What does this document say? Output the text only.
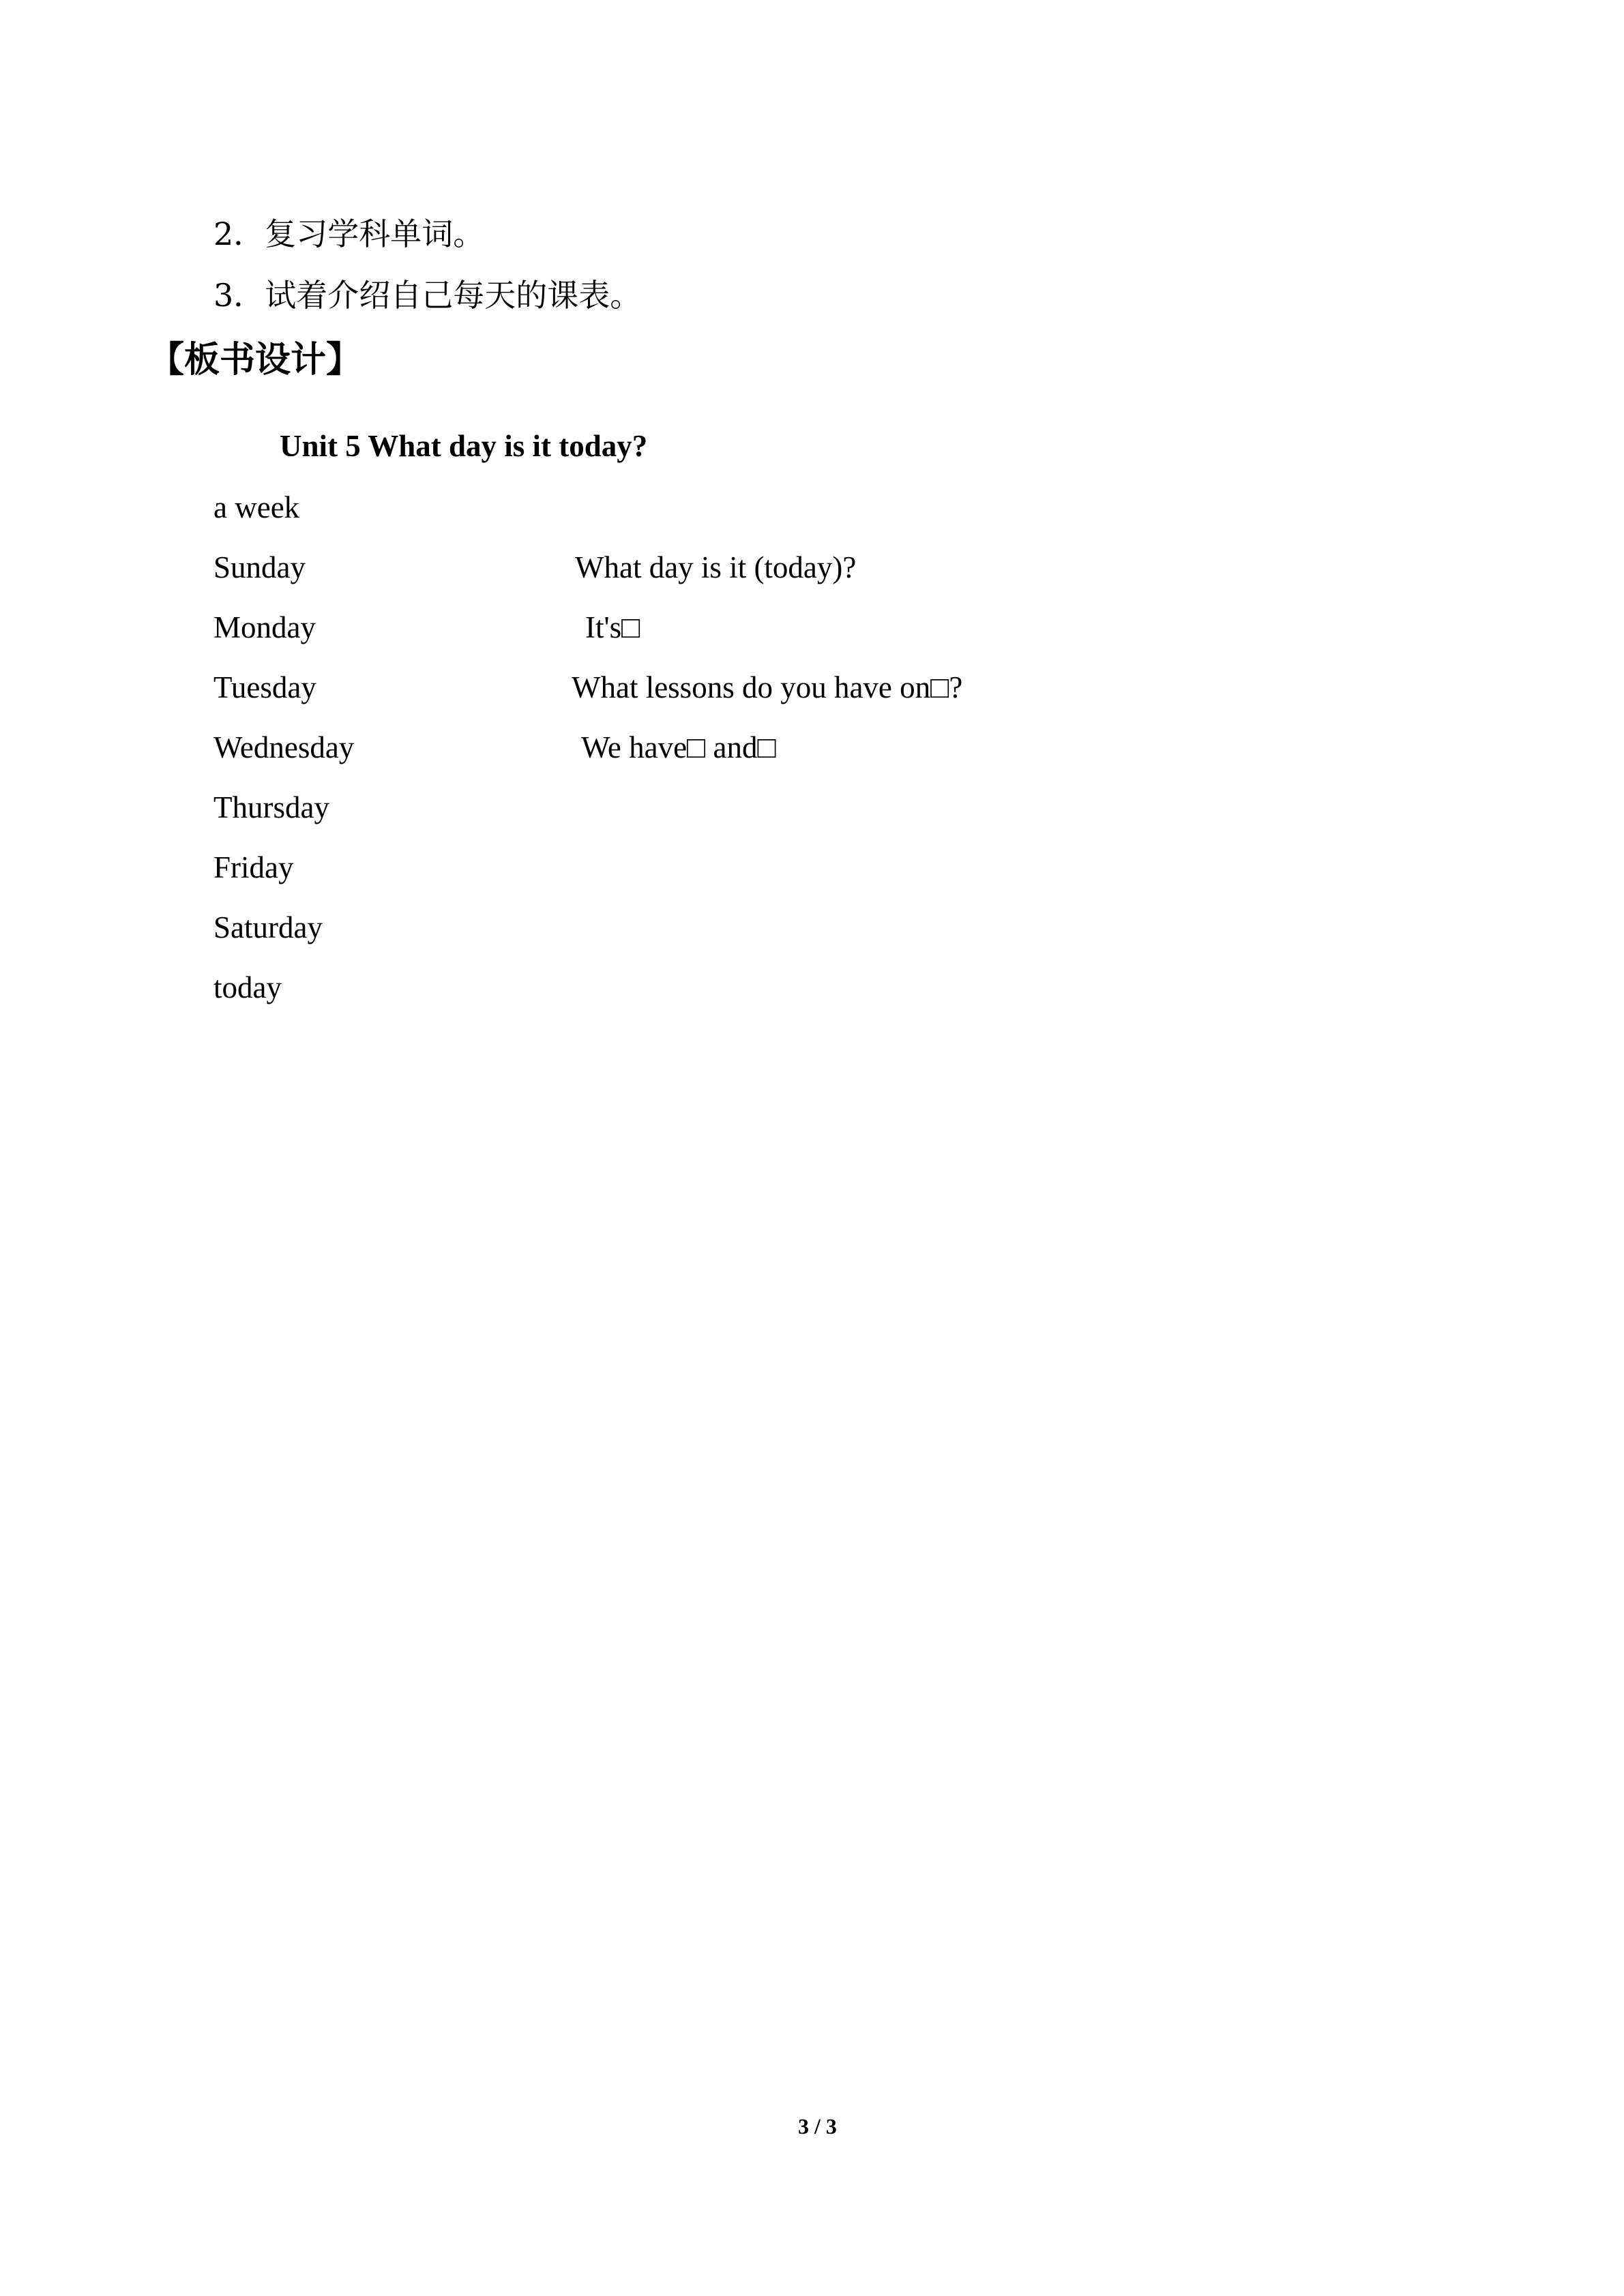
2．复习学科单词。
3．试着介绍自己每天的课表。
【板书设计】
Unit 5 What day is it today?
a week
Sunday
Monday
Tuesday
Wednesday
Thursday
Friday
Saturday
today
What day is it (today)?
It's□
What lessons do you have on□?
We have□ and□
3 / 3
